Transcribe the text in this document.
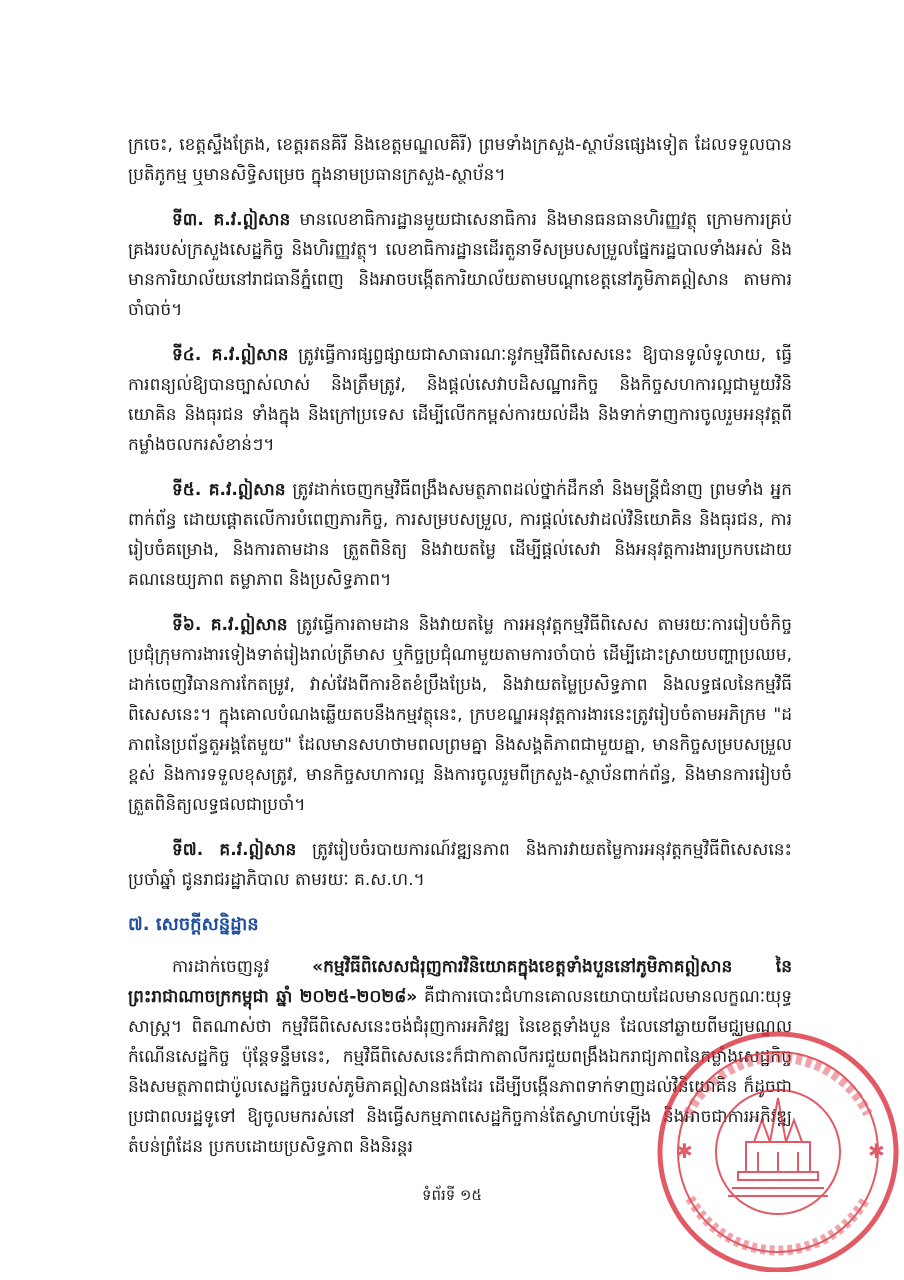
ក្រចេះ, ខេត្តស្ទឹងត្រែង, ខេត្តរតនគិរី និងខេត្តមណ្ឌលគិរី) ព្រមទាំងក្រសួង-ស្ថាប័នផ្សេងទៀត ដែលទទួលបានប្រតិភូកម្ម ឬមានសិទ្ធិសម្រេច ក្នុងនាមប្រធានក្រសួង-ស្ថាប័ន។

ទី៣. គ.វ.ឦសាន មានលេខាធិការដ្ឋានមួយជាសេនាធិការ និងមានធនធានហិរញ្ញវត្ថុ ក្រោមការគ្រប់គ្រងរបស់ក្រសួងសេដ្ឋកិច្ច និងហិរញ្ញវត្ថុ។ លេខាធិការដ្ឋានដើរតួនាទីសម្របសម្រួលផ្នែករដ្ឋបាលទាំងអស់ និងមានការិយាល័យនៅរាជធានីភ្នំពេញ និងអាចបង្កើតការិយាល័យតាមបណ្តាខេត្តនៅភូមិភាគឦសាន តាមការចាំបាច់។

ទី៤. គ.វ.ឦសាន ត្រូវធ្វើការផ្សព្វផ្សាយជាសាធារណៈនូវកម្មវិធីពិសេសនេះ ឱ្យបានទូលំទូលាយ, ធ្វើការពន្យល់ឱ្យបានច្បាស់លាស់ និងត្រឹមត្រូវ, និងផ្តល់សេវាបដិសណ្ឋារកិច្ច និងកិច្ចសហការល្អជាមួយវិនិយោគិន និងធុរជន ទាំងក្នុង និងក្រៅប្រទេស ដើម្បីលើកកម្ពស់ការយល់ដឹង និងទាក់ទាញការចូលរួមអនុវត្តពីកម្លាំងចលករសំខាន់ៗ។

ទី៥. គ.វ.ឦសាន ត្រូវដាក់ចេញកម្មវិធីពង្រឹងសមត្ថភាពដល់ថ្នាក់ដឹកនាំ និងមន្ត្រីជំនាញ ព្រមទាំង អ្នកពាក់ព័ន្ធ ដោយផ្តោតលើការបំពេញភារកិច្ច, ការសម្របសម្រួល, ការផ្តល់សេវាដល់វិនិយោគិន និងធុរជន, ការរៀបចំគម្រោង, និងការតាមដាន ត្រួតពិនិត្យ និងវាយតម្លៃ ដើម្បីផ្តល់សេវា និងអនុវត្តការងារប្រកបដោយគណនេយ្យភាព តម្លាភាព និងប្រសិទ្ធភាព។

ទី៦. គ.វ.ឦសាន ត្រូវធ្វើការតាមដាន និងវាយតម្លៃ ការអនុវត្តកម្មវិធីពិសេស តាមរយៈការរៀបចំកិច្ចប្រជុំក្រុមការងារទៀងទាត់រៀងរាល់ត្រីមាស ឬកិច្ចប្រជុំណាមួយតាមការចាំបាច់ ដើម្បីដោះស្រាយបញ្ហាប្រឈម, ដាក់ចេញវិធានការកែតម្រូវ, វាស់វែងពីការខិតខំប្រឹងប្រែង, និងវាយតម្លៃប្រសិទ្ធភាព និងលទ្ធផលនៃកម្មវិធីពិសេសនេះ។ ក្នុងគោលបំណងឆ្លើយតបនឹងកម្មវត្ថុនេះ, ក្របខណ្ឌអនុវត្តការងារនេះត្រូវរៀបចំតាមអភិក្រម "ដភាពនៃប្រព័ន្ធតួអង្គតែមួយ" ដែលមានសហថាមពលព្រមគ្នា និងសង្គតិភាពជាមួយគ្នា, មានកិច្ចសម្របសម្រួលខ្ពស់ និងការទទួលខុសត្រូវ, មានកិច្ចសហការល្អ និងការចូលរួមពីក្រសួង-ស្ថាប័នពាក់ព័ន្ធ, និងមានការរៀបចំត្រួតពិនិត្យលទ្ធផលជាប្រចាំ។

ទី៧. គ.វ.ឦសាន ត្រូវរៀបចំរបាយការណ៍វឌ្ឍនភាព និងការវាយតម្លៃការអនុវត្តកម្មវិធីពិសេសនេះ ប្រចាំឆ្នាំ ជូនរាជរដ្ឋាភិបាល តាមរយៈ គ.ស.ហ.។

៧. សេចក្តីសន្និដ្ឋាន

ការដាក់ចេញនូវ «កម្មវិធីពិសេសជំរុញការវិនិយោគក្នុងខេត្តទាំងបួននៅភូមិភាគឦសាន នៃព្រះរាជាណាចក្រកម្ពុជា ឆ្នាំ ២០២៥-២០២៨» គឺជាការបោះជំហានគោលនយោបាយដែលមានលក្ខណៈយុទ្ធសាស្ត្រ។ ពិតណាស់ថា កម្មវិធីពិសេសនេះចង់ជំរុញការអភិវឌ្ឍ នៃខេត្តទាំងបួន ដែលនៅឆ្ងាយពីមជ្ឈមណ្ឌលកំណើនសេដ្ឋកិច្ច ប៉ុន្តែទន្ទឹមនេះ, កម្មវិធីពិសេសនេះក៏ជាកាតាលីករជួយពង្រឹងឯករាជ្យភាពនៃកម្លាំងសេដ្ឋកិច្ច និងសមត្ថភាពជាប៉ូលសេដ្ឋកិច្ចរបស់ភូមិភាគឦសានផងដែរ ដើម្បីបង្កើនភាពទាក់ទាញដល់វិនិយោគិន ក៏ដូចជាប្រជាពលរដ្ឋទូទៅ ឱ្យចូលមករស់នៅ និងធ្វើសកម្មភាពសេដ្ឋកិច្ចកាន់តែស្វាហាប់ឡើង និងអាចជាការអភិវឌ្ឍតំបន់ព្រំដែន ប្រកបដោយប្រសិទ្ធភាព និងនិរន្តរ

ទំព័រទី ១៥
✱	✱
